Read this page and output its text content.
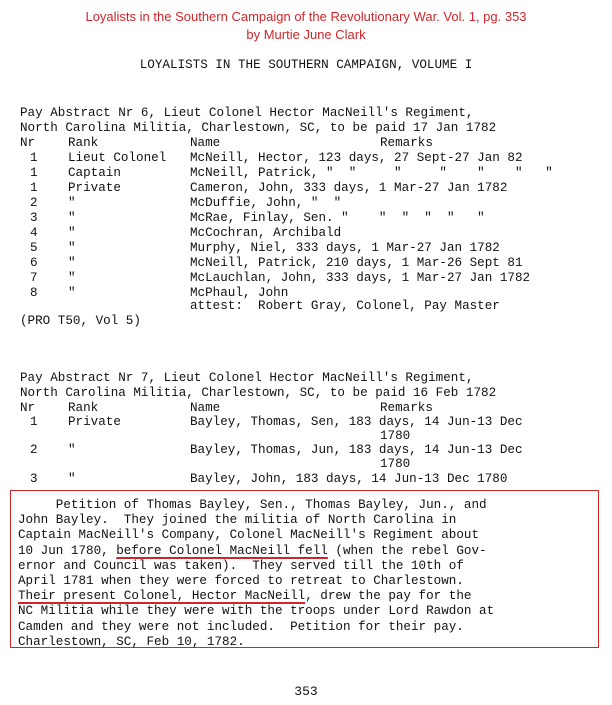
Loyalists in the Southern Campaign of the Revolutionary War. Vol. 1, pg. 353
by Murtie June Clark
LOYALISTS IN THE SOUTHERN CAMPAIGN, VOLUME I
Pay Abstract Nr 6, Lieut Colonel Hector MacNeill's Regiment,
North Carolina Militia, Charlestown, SC, to be paid 17 Jan 1782
Nr	Rank	Name	Remarks
1 Lieut Colonel McNeill, Hector, 123 days, 27 Sept-27 Jan 82
1 Captain	McNeill, Patrick, "  "     "     "    "    "   "
1 Private	Cameron, John, 333 days, 1 Mar-27 Jan 1782
2 "	McDuffie, John, "  "
3 "	McRae, Finlay, Sen. "    "  "  "  "   "
4 "	McCochran, Archibald
5 "	Murphy, Niel, 333 days, 1 Mar-27 Jan 1782
6 "	McNeill, Patrick, 210 days, 1 Mar-26 Sept 81
7 "	McLauchlan, John, 333 days, 1 Mar-27 Jan 1782
8 "	McPhaul, John
attest:  Robert Gray, Colonel, Pay Master
(PRO T50, Vol 5)
Pay Abstract Nr 7, Lieut Colonel Hector MacNeill's Regiment,
North Carolina Militia, Charlestown, SC, to be paid 16 Feb 1782
Nr	Rank	Name	Remarks
1 Private	Bayley, Thomas, Sen, 183 days, 14 Jun-13 Dec
1780
2 "	Bayley, Thomas, Jun, 183 days, 14 Jun-13 Dec
1780
3 "	Bayley, John, 183 days, 14 Jun-13 Dec 1780
Petition of Thomas Bayley, Sen., Thomas Bayley, Jun., and
John Bayley.  They joined the militia of North Carolina in
Captain MacNeill's Company, Colonel MacNeill's Regiment about
10 Jun 1780, before Colonel MacNeill fell (when the rebel Gov-
ernor and Council was taken).  They served till the 10th of
April 1781 when they were forced to retreat to Charlestown.
Their present Colonel, Hector MacNeill, drew the pay for the
NC Militia while they were with the troops under Lord Rawdon at
Camden and they were not included.  Petition for their pay.
Charlestown, SC, Feb 10, 1782.
353
